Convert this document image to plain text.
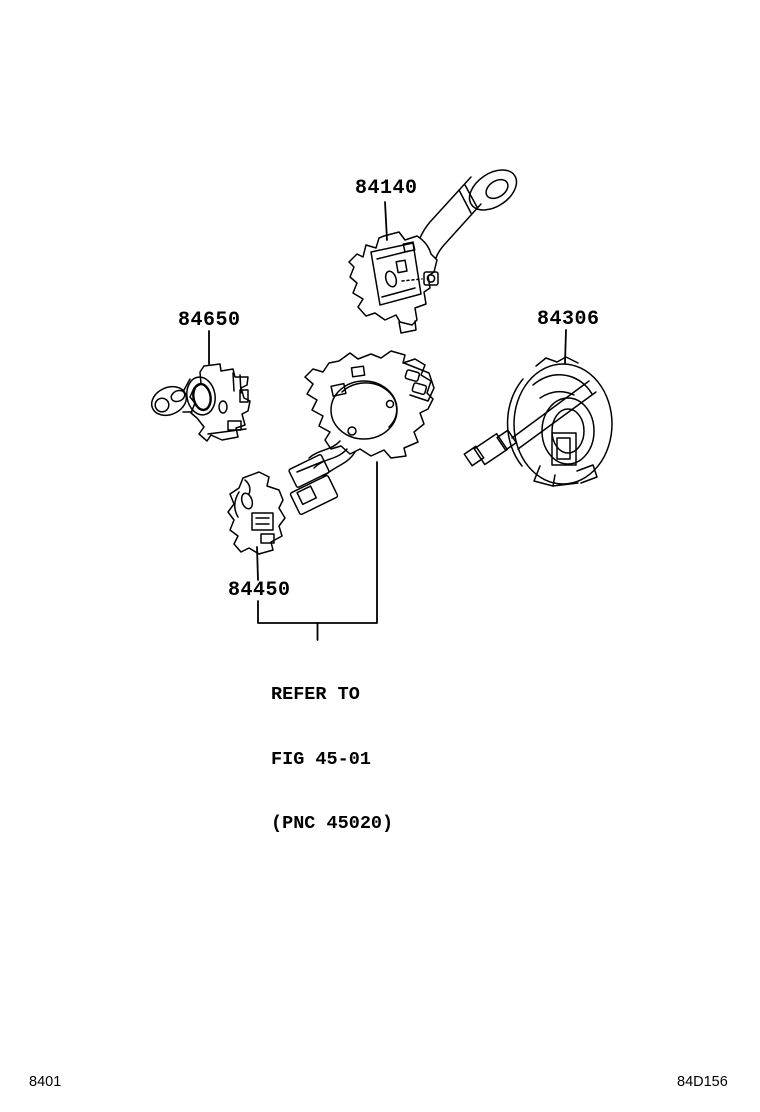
84140
84650	84306
84450

REFER TO

FIG 45-01

(PNC 45020)

8401	84D156
